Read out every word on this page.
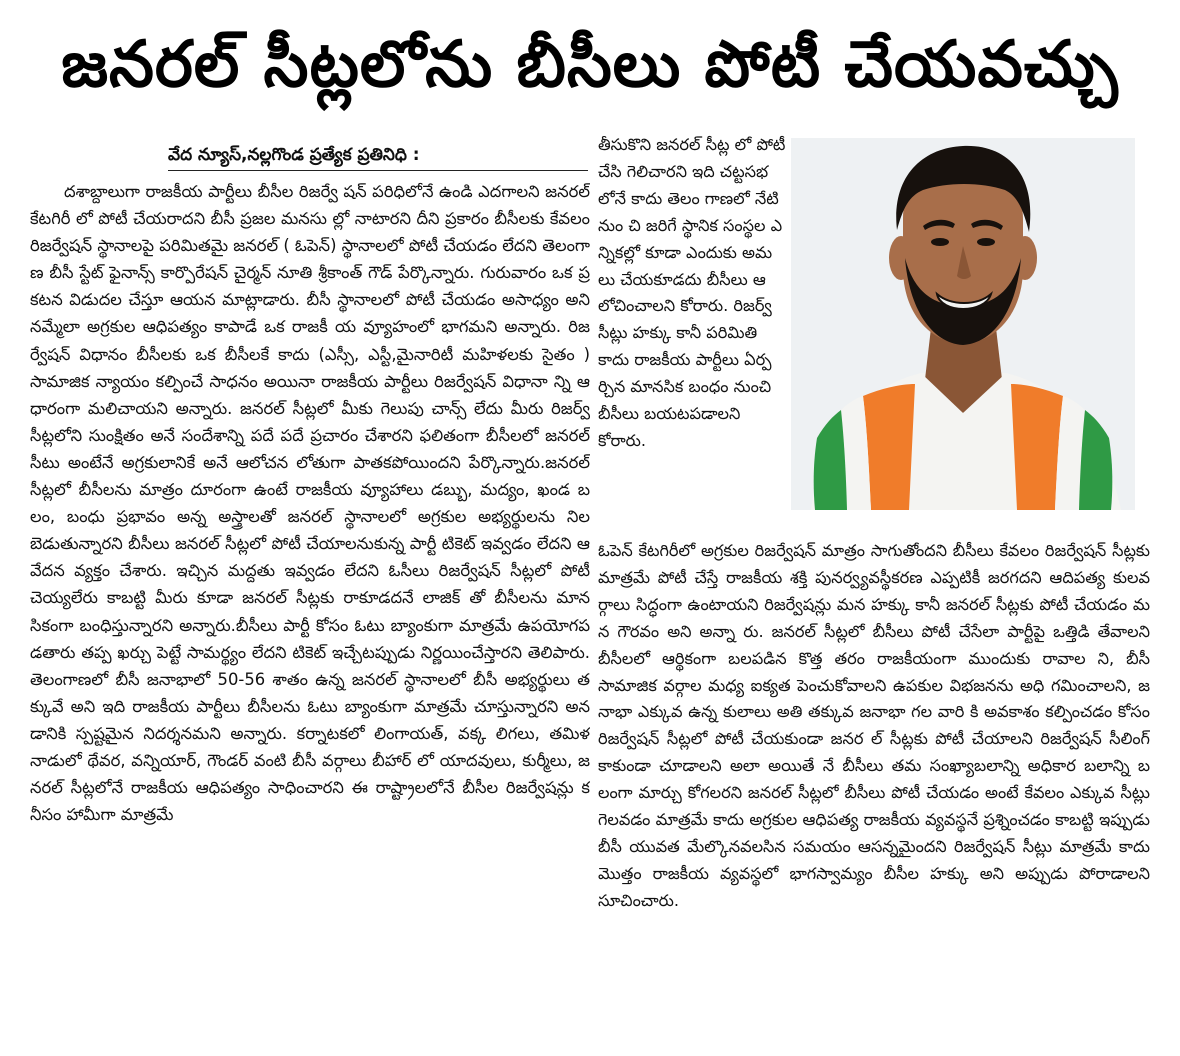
జనరల్ సీట్లలోను బీసీలు పోటీ చేయవచ్చు
వేద న్యూస్,నల్లగొండ ప్రత్యేక ప్రతినిధి :

దశాబ్దాలుగా రాజకీయ పార్టీలు బీసీల రిజర్వే షన్ పరిధిలోనే ఉండి ఎదగాలని జనరల్ కేటగిరీ లో పోటీ చేయరాదని బీసీ ప్రజల మనసు ల్లో నాటారని దీని ప్రకారం బీసీలకు కేవలం రిజర్వేషన్ స్థానాలపై పరిమితమై జనరల్ ( ఓపెన్) స్థానాలలో పోటీ చేయడం లేదని తెలంగా ణ బీసీ స్టేట్ ఫైనాన్స్ కార్పొరేషన్ చైర్మన్ నూతి శ్రీకాంత్ గౌడ్ పేర్కొన్నారు. గురువారం ఒక ప్రకటన విడుదల చేస్తూ ఆయన మాట్లాడారు. బీసీ స్థానాలలో పోటీ చేయడం అసాధ్యం అని నమ్మేలా అగ్రకుల ఆధిపత్యం కాపాడే ఒక రాజకీ య వ్యూహంలో భాగమని అన్నారు. రిజర్వేషన్ విధానం బీసీలకు ఒక బీసీలకే కాదు (ఎస్సీ, ఎస్టీ,మైనారిటీ మహిళలకు సైతం ) సామాజిక న్యాయం కల్పించే సాధనం అయినా రాజకీయ పార్టీలు రిజర్వేషన్ విధానా న్ని ఆధారంగా మలిచాయని అన్నారు. జనరల్ సీట్లలో మీకు గెలుపు చాన్స్ లేదు మీరు రిజర్వ్ సీట్లలోని సుంక్షితం అనే సందేశాన్ని పదే పదే ప్రచారం చేశారని ఫలితంగా బీసీలలో జనరల్ సీటు అంటేనే అగ్రకులానికే అనే ఆలోచన లోతుగా పాతకపోయిందని పేర్కొన్నారు.జనరల్ సీట్లలో బీసీలను మాత్రం దూరంగా ఉంటే రాజకీయ వ్యూహాలు డబ్బు, మద్యం, ఖండ బలం, బంధు ప్రభావం అన్న అస్త్రాలతో జనరల్ స్థానాలలో అగ్రకుల అభ్యర్థులను నిలబెడుతున్నారని బీసీలు జనరల్ సీట్లలో పోటీ చేయాలనుకున్న పార్టీ టికెట్ ఇవ్వడం లేదని ఆవేదన వ్యక్తం చేశారు. ఇచ్చిన మద్దతు ఇవ్వడం లేదని ఓసీలు రిజర్వేషన్ సీట్లలో పోటీ చెయ్యలేరు కాబట్టి మీరు కూడా జనరల్ సీట్లకు రాకూడదనే లాజిక్ తో బీసీలను మానసికంగా బంధిస్తున్నారని అన్నారు.బీసీలు పార్టీ కోసం ఓటు బ్యాంకుగా మాత్రమే ఉపయోగపడతారు తప్ప ఖర్చు పెట్టే సామర్థ్యం లేదని టికెట్ ఇచ్చేటప్పుడు నిర్ణయించేస్తారని తెలిపారు. తెలంగాణలో బీసీ జనాభాలో 50-56 శాతం ఉన్న జనరల్ స్థానాలలో బీసీ అభ్యర్థులు తక్కువే అని ఇది రాజకీయ పార్టీలు బీసీలను ఓటు బ్యాంకుగా మాత్రమే చూస్తున్నారని అనడానికి స్పష్టమైన నిదర్శనమని అన్నారు. కర్నాటకలో లింగాయత్, వక్క లిగలు, తమిళనాడులో థేవర, వన్నియార్, గౌండర్ వంటి బీసీ వర్గాలు బీహార్ లో యాదవులు, కుర్మీలు, జనరల్ సీట్లలోనే రాజకీయ ఆధిపత్యం సాధించారని ఈ రాష్ట్రాలలోనే బీసీల రిజర్వేషన్లు కనీసం హామీగా మాత్రమే

తీసుకొని జనరల్ సీట్ల లో పోటీ చేసి గెలిచారని ఇది చట్టసభలోనే కాదు తెలం గాణలో నేటి నుం చి జరిగే స్థానిక సంస్థల ఎన్నికల్లో కూడా ఎందుకు అమలు చేయకూడదు బీసీలు ఆలోచించాలని కోరారు. రిజర్వ్ సీట్లు హక్కు కానీ పరిమితి కాదు రాజకీయ పార్టీలు ఏర్పర్చిన మానసిక బంధం నుంచి బీసీలు బయటపడాలని కోరారు.

ఓపెన్ కేటగిరీలో అగ్రకుల రిజర్వేషన్ మాత్రం సాగుతోందని బీసీలు కేవలం రిజర్వేషన్ సీట్లకు మాత్రమే పోటీ చేస్తే రాజకీయ శక్తి పునర్వ్యవస్థీకరణ ఎప్పటికీ జరగదని ఆదిపత్య కులవర్గాలు సిద్ధంగా ఉంటాయని రిజర్వేషన్లు మన హక్కు కానీ జనరల్ సీట్లకు పోటీ చేయడం మన గౌరవం అని అన్నా రు. జనరల్ సీట్లలో బీసీలు పోటీ చేసేలా పార్టీపై ఒత్తిడి తేవాలని బీసీలలో ఆర్థికంగా బలపడిన కొత్త తరం రాజకీయంగా ముందుకు రావాల ని, బీసీ సామాజిక వర్గాల మధ్య ఐక్యత పెంచుకోవాలని ఉపకుల విభజనను అధి గమించాలని, జనాభా ఎక్కువ ఉన్న కులాలు అతి తక్కువ జనాభా గల వారి కి అవకాశం కల్పించడం కోసం రిజర్వేషన్ సీట్లలో పోటీ చేయకుండా జనర ల్ సీట్లకు పోటీ చేయాలని రిజర్వేషన్ సీలింగ్ కాకుండా చూడాలని అలా అయితే నే బీసీలు తమ సంఖ్యాబలాన్ని అధికార బలాన్ని బలంగా మార్చు కోగలరని జనరల్ సీట్లలో బీసీలు పోటీ చేయడం అంటే కేవలం ఎక్కువ సీట్లు గెలవడం మాత్రమే కాదు అగ్రకుల ఆధిపత్య రాజకీయ వ్యవస్థనే ప్రశ్నించడం కాబట్టి ఇప్పుడు బీసీ యువత మేల్కొనవలసిన సమయం ఆసన్నమైందని రిజర్వేషన్ సీట్లు మాత్రమే కాదు మొత్తం రాజకీయ వ్యవస్థలో భాగస్వామ్యం బీసీల హక్కు అని అప్పుడు పోరాడాలని సూచించారు.
